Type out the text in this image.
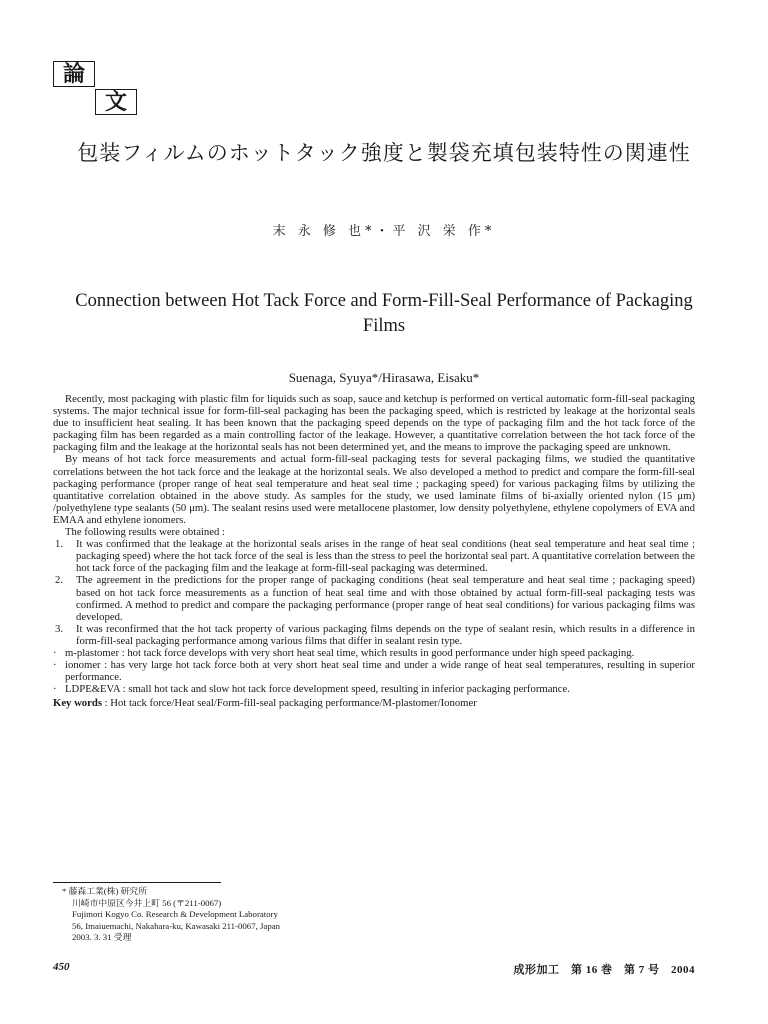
論
文
包装フィルムのホットタック強度と製袋充填包装特性の関連性
末 永 修 也*・平 沢 栄 作*
Connection between Hot Tack Force and Form-Fill-Seal Performance of Packaging Films
Suenaga, Syuya*/Hirasawa, Eisaku*

Recently, most packaging with plastic film for liquids such as soap, sauce and ketchup is performed on vertical automatic form-fill-seal packaging systems. The major technical issue for form-fill-seal packaging has been the packaging speed, which is restricted by leakage at the horizontal seals due to insufficient heat sealing. It has been known that the packaging speed depends on the type of packaging film and the hot tack force of the packaging film has been regarded as a main controlling factor of the leakage. However, a quantitative correlation between the hot tack force of the packaging film and the leakage at the horizontal seals has not been determined yet, and the means to improve the packaging speed are unknown.

By means of hot tack force measurements and actual form-fill-seal packaging tests for several packaging films, we studied the quantitative correlations between the hot tack force and the leakage at the horizontal seals. We also developed a method to predict and compare the form-fill-seal packaging performance (proper range of heat seal temperature and heat seal time ; packaging speed) for various packaging films by utilizing the quantitative correlation obtained in the above study. As samples for the study, we used laminate films of bi-axially oriented nylon (15 μm) /polyethylene type sealants (50 μm). The sealant resins used were metallocene plastomer, low density polyethylene, ethylene copolymers of EVA and EMAA and ethylene ionomers.

The following results were obtained :

1. It was confirmed that the leakage at the horizontal seals arises in the range of heat seal conditions (heat seal temperature and heat seal time ; packaging speed) where the hot tack force of the seal is less than the stress to peel the horizontal seal part. A quantitative correlation between the hot tack force of the packaging film and the leakage at form-fill-seal packaging was determined.
2. The agreement in the predictions for the proper range of packaging conditions (heat seal temperature and heat seal time ; packaging speed) based on hot tack force measurements as a function of heat seal time and with those obtained by actual form-fill-seal packaging tests was confirmed. A method to predict and compare the packaging performance (proper range of heat seal conditions) for various packaging films was developed.
3. It was reconfirmed that the hot tack property of various packaging films depends on the type of sealant resin, which results in a difference in form-fill-seal packaging performance among various films that differ in sealant resin type.
· m-plastomer : hot tack force develops with very short heat seal time, which results in good performance under high speed packaging.
· ionomer : has very large hot tack force both at very short heat seal time and under a wide range of heat seal temperatures, resulting in superior performance.
· LDPE&EVA : small hot tack and slow hot tack force development speed, resulting in inferior packaging performance.
Key words : Hot tack force/Heat seal/Form-fill-seal packaging performance/M-plastomer/Ionomer
* 藤森工業(株) 研究所
川崎市中原区今井上町 56 (〒211-0067)
Fujimori Kogyo Co. Research & Development Laboratory
56, Imaiuemachi, Nakahara-ku, Kawasaki 211-0067, Japan
2003. 3. 31 受理
450	成形加工　第 16 巻　第 7 号　2004
